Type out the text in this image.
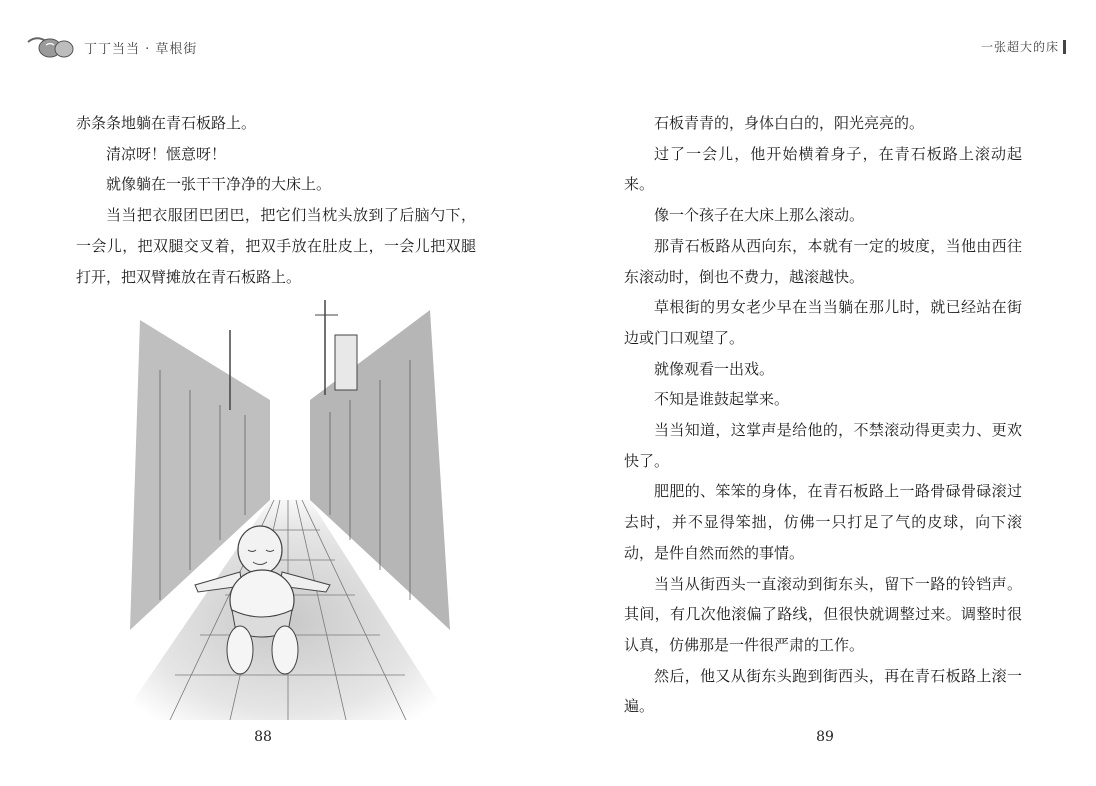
丁丁当当 · 草根街

赤条条地躺在青石板路上。

清凉呀！惬意呀！

就像躺在一张干干净净的大床上。

当当把衣服团巴团巴，把它们当枕头放到了后脑勺下，一会儿，把双腿交叉着，把双手放在肚皮上，一会儿把双腿打开，把双臂摊放在青石板路上。

88
一张超大的床

石板青青的，身体白白的，阳光亮亮的。

过了一会儿，他开始横着身子，在青石板路上滚动起来。

像一个孩子在大床上那么滚动。

那青石板路从西向东，本就有一定的坡度，当他由西往东滚动时，倒也不费力，越滚越快。

草根街的男女老少早在当当躺在那儿时，就已经站在街边或门口观望了。

就像观看一出戏。

不知是谁鼓起掌来。

当当知道，这掌声是给他的，不禁滚动得更卖力、更欢快了。

肥肥的、笨笨的身体，在青石板路上一路骨碌骨碌滚过去时，并不显得笨拙，仿佛一只打足了气的皮球，向下滚动，是件自然而然的事情。

当当从街西头一直滚动到街东头，留下一路的铃铛声。其间，有几次他滚偏了路线，但很快就调整过来。调整时很认真，仿佛那是一件很严肃的工作。

然后，他又从街东头跑到街西头，再在青石板路上滚一遍。

89
